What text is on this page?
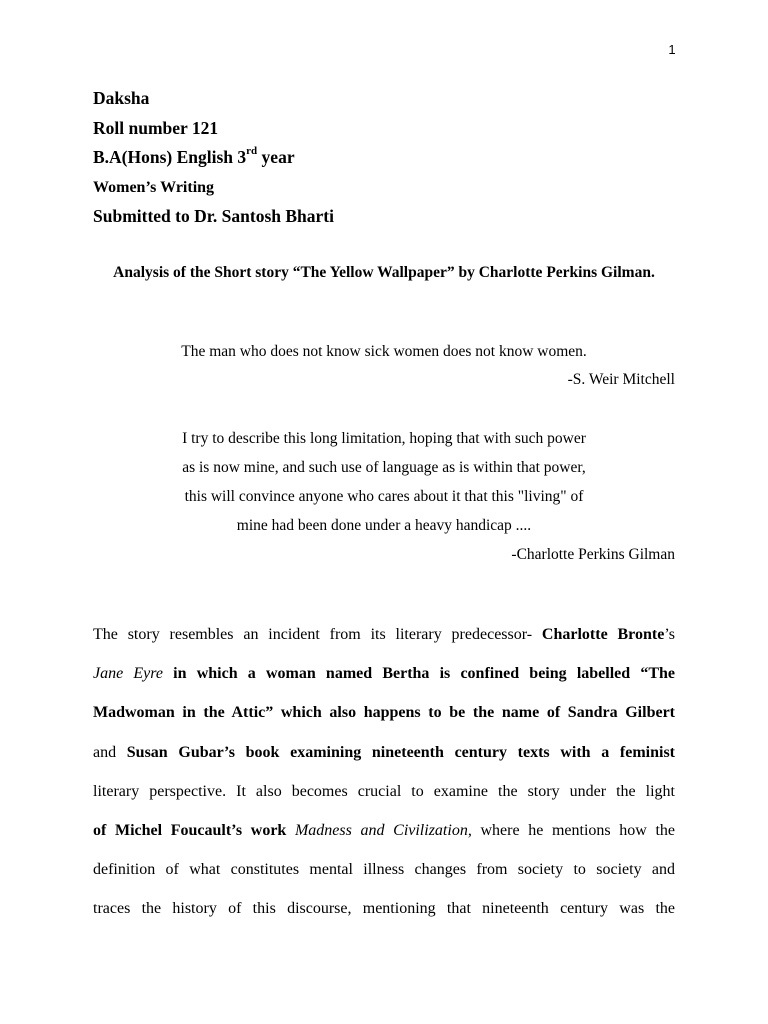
1
Daksha
Roll number 121
B.A(Hons) English 3rd year
Women’s Writing
Submitted to Dr. Santosh Bharti
Analysis of the Short story “The Yellow Wallpaper” by Charlotte Perkins Gilman.
The man who does not know sick women does not know women.
-S. Weir Mitchell
I try to describe this long limitation, hoping that with such power
as is now mine, and such use of language as is within that power,
this will convince anyone who cares about it that this "living" of
mine had been done under a heavy handicap ....
-Charlotte Perkins Gilman
The story resembles an incident from its literary predecessor- Charlotte Bronte’s
Jane Eyre in which a woman named Bertha is confined being labelled “The
Madwoman in the Attic” which also happens to be the name of Sandra Gilbert
and Susan Gubar’s book examining nineteenth century texts with a feminist
literary perspective. It also becomes crucial to examine the story under the light
of Michel Foucault’s work Madness and Civilization, where he mentions how the
definition of what constitutes mental illness changes from society to society and
traces the history of this discourse, mentioning that nineteenth century was the
